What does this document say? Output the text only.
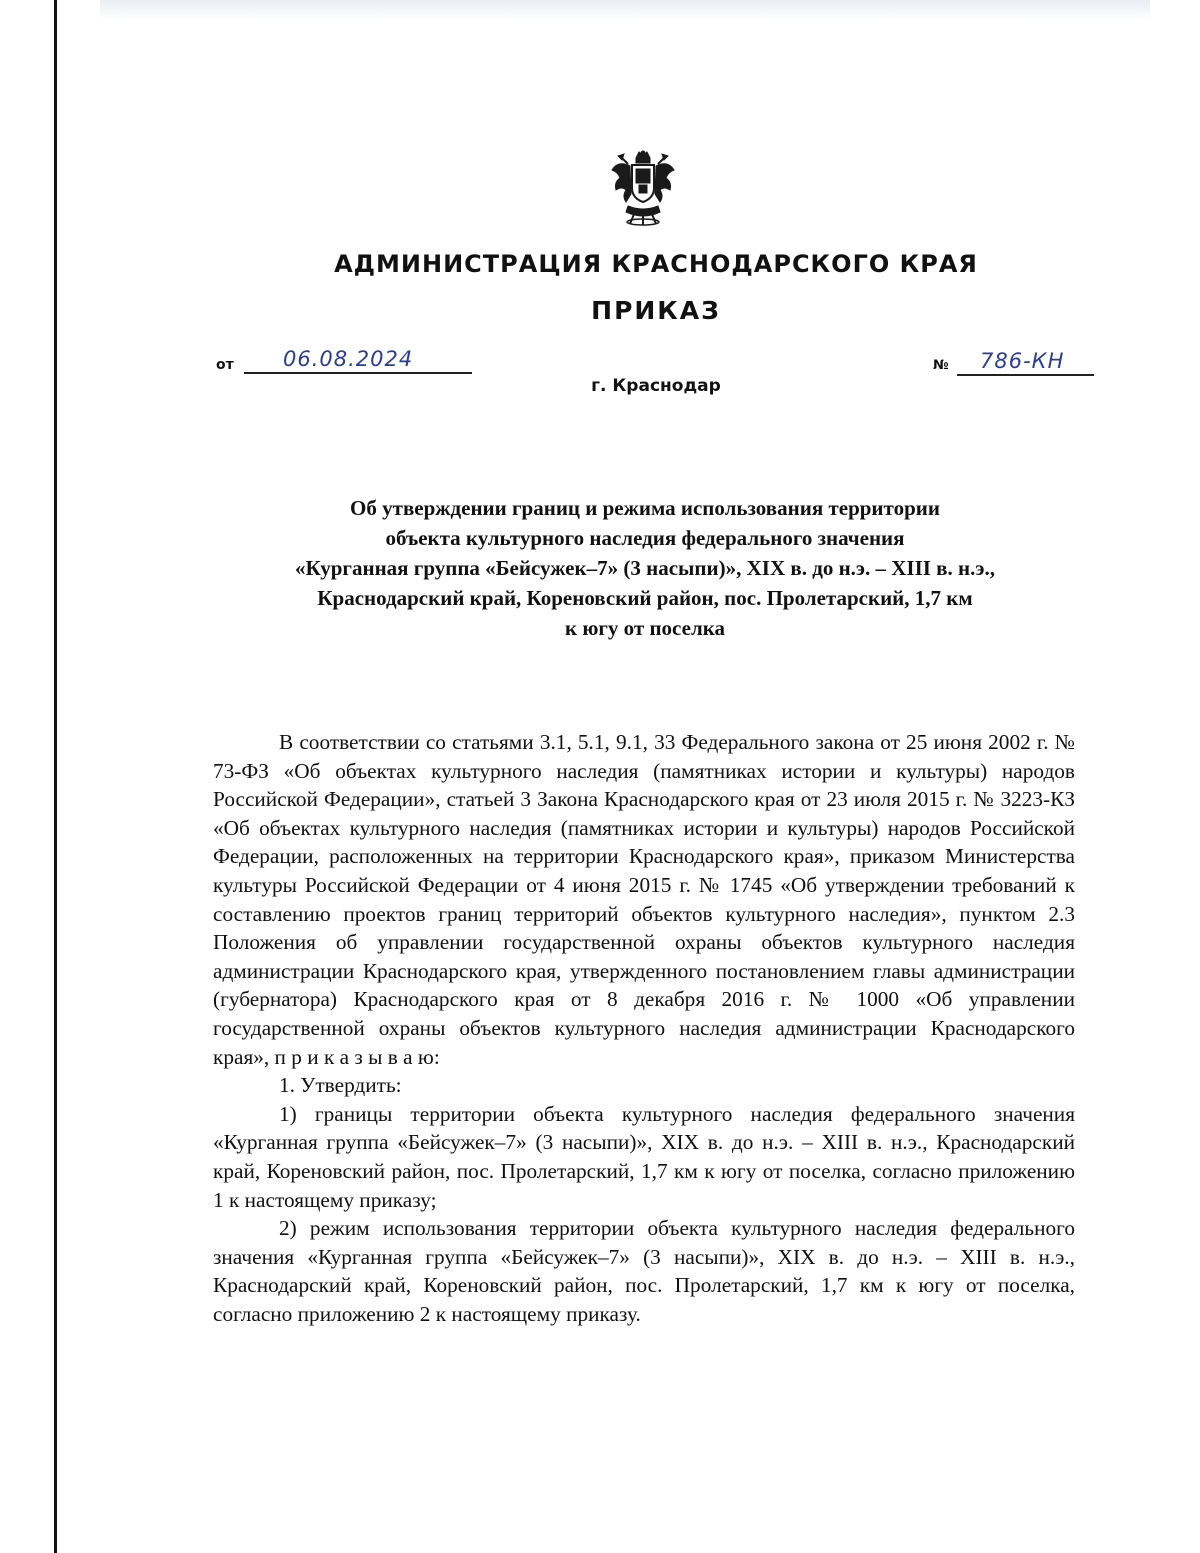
АДМИНИСТРАЦИЯ КРАСНОДАРСКОГО КРАЯ
ПРИКАЗ
от 06.08.2024	№ 786-КН
г. Краснодар
Об утверждении границ и режима использования территории
объекта культурного наследия федерального значения
«Курганная группа «Бейсужек–7» (3 насыпи)», XIX в. до н.э. – XIII в. н.э.,
Краснодарский край, Кореновский район, пос. Пролетарский, 1,7 км
к югу от поселка

В соответствии со статьями 3.1, 5.1, 9.1, 33 Федерального закона от 25 июня 2002 г. № 73-ФЗ «Об объектах культурного наследия (памятниках истории и культуры) народов Российской Федерации», статьей 3 Закона Краснодарского края от 23 июля 2015 г. № 3223-КЗ «Об объектах культурного наследия (памятниках истории и культуры) народов Российской Федерации, расположенных на территории Краснодарского края», приказом Министерства культуры Российской Федерации от 4 июня 2015 г. № 1745 «Об утверждении требований к составлению проектов границ территорий объектов культурного наследия», пунктом 2.3 Положения об управлении государственной охраны объектов культурного наследия администрации Краснодарского края, утвержденного постановлением главы администрации (губернатора) Краснодарского края от 8 декабря 2016 г. № 1000 «Об управлении государственной охраны объектов культурного наследия администрации Краснодарского края», п р и к а з ы в а ю:

1. Утвердить:

1) границы территории объекта культурного наследия федерального значения «Курганная группа «Бейсужек–7» (3 насыпи)», XIX в. до н.э. – XIII в. н.э., Краснодарский край, Кореновский район, пос. Пролетарский, 1,7 км к югу от поселка, согласно приложению 1 к настоящему приказу;

2) режим использования территории объекта культурного наследия федерального значения «Курганная группа «Бейсужек–7» (3 насыпи)», XIX в. до н.э. – XIII в. н.э., Краснодарский край, Кореновский район, пос. Пролетарский, 1,7 км к югу от поселка, согласно приложению 2 к настоящему приказу.
